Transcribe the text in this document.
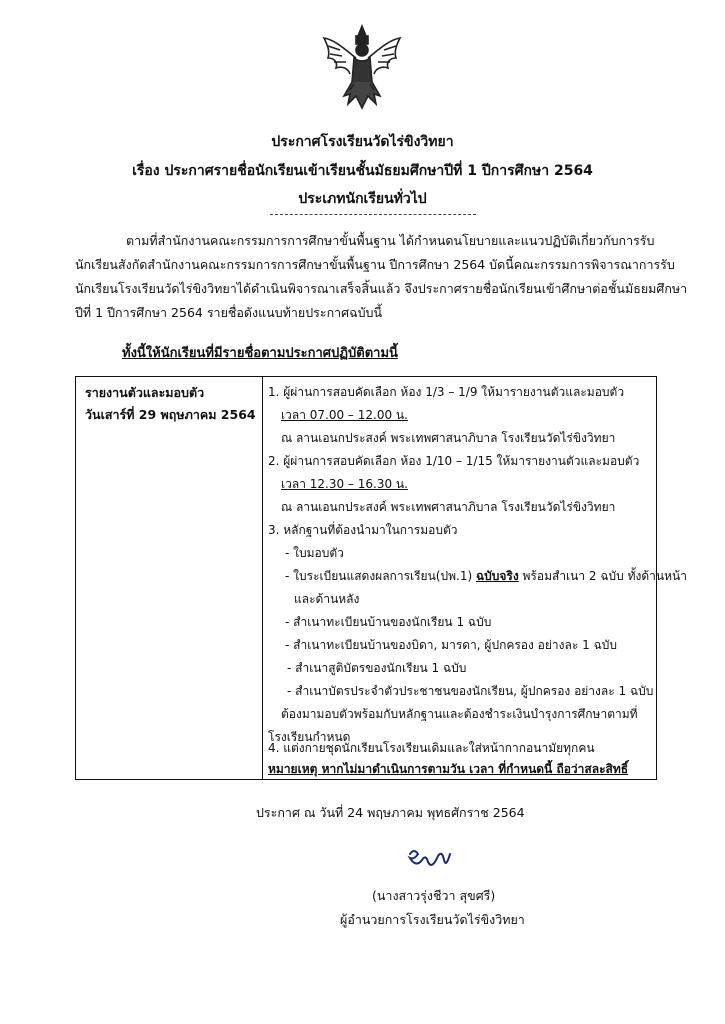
ประกาศโรงเรียนวัดไร่ขิงวิทยา
เรื่อง ประกาศรายชื่อนักเรียนเข้าเรียนชั้นมัธยมศึกษาปีที่ 1 ปีการศึกษา 2564
ประเภทนักเรียนทั่วไป
ตามที่สำนักงานคณะกรรมการการศึกษาขั้นพื้นฐาน ได้กำหนดนโยบายและแนวปฏิบัติเกี่ยวกับการรับ
นักเรียนสังกัดสำนักงานคณะกรรมการการศึกษาขั้นพื้นฐาน ปีการศึกษา 2564 บัดนี้คณะกรรมการพิจารณาการรับ
นักเรียนโรงเรียนวัดไร่ขิงวิทยาได้ดำเนินพิจารณาเสร็จสิ้นแล้ว จึงประกาศรายชื่อนักเรียนเข้าศึกษาต่อชั้นมัธยมศึกษา
ปีที่ 1 ปีการศึกษา 2564 รายชื่อดังแนบท้ายประกาศฉบับนี้
ทั้งนี้ให้นักเรียนที่มีรายชื่อตามประกาศปฏิบัติตามนี้
รายงานตัวและมอบตัว
วันเสาร์ที่ 29 พฤษภาคม 2564
1. ผู้ผ่านการสอบคัดเลือก ห้อง 1/3 – 1/9 ให้มารายงานตัวและมอบตัว
เวลา 07.00 – 12.00 น.
ณ ลานเอนกประสงค์ พระเทพศาสนาภิบาล โรงเรียนวัดไร่ขิงวิทยา
2. ผู้ผ่านการสอบคัดเลือก ห้อง 1/10 – 1/15 ให้มารายงานตัวและมอบตัว
เวลา 12.30 – 16.30 น.
ณ ลานเอนกประสงค์ พระเทพศาสนาภิบาล โรงเรียนวัดไร่ขิงวิทยา
3. หลักฐานที่ต้องนำมาในการมอบตัว
- ใบมอบตัว
- ใบระเบียนแสดงผลการเรียน(ปพ.1) ฉบับจริง พร้อมสำเนา 2 ฉบับ ทั้งด้านหน้า
และด้านหลัง
- สำเนาทะเบียนบ้านของนักเรียน 1 ฉบับ
- สำเนาทะเบียนบ้านของบิดา, มารดา, ผู้ปกครอง อย่างละ 1 ฉบับ
- สำเนาสูติบัตรของนักเรียน 1 ฉบับ
- สำเนาบัตรประจำตัวประชาชนของนักเรียน, ผู้ปกครอง อย่างละ 1 ฉบับ
ต้องมามอบตัวพร้อมกับหลักฐานและต้องชำระเงินบำรุงการศึกษาตามที่
โรงเรียนกำหนด
4. แต่งกายชุดนักเรียนโรงเรียนเดิมและใส่หน้ากากอนามัยทุกคน
หมายเหตุ หากไม่มาดำเนินการตามวัน เวลา ที่กำหนดนี้ ถือว่าสละสิทธิ์
ประกาศ ณ วันที่ 24 พฤษภาคม พุทธศักราช 2564
(นางสาวรุ่งชีวา สุขศรี)
ผู้อำนวยการโรงเรียนวัดไร่ขิงวิทยา
